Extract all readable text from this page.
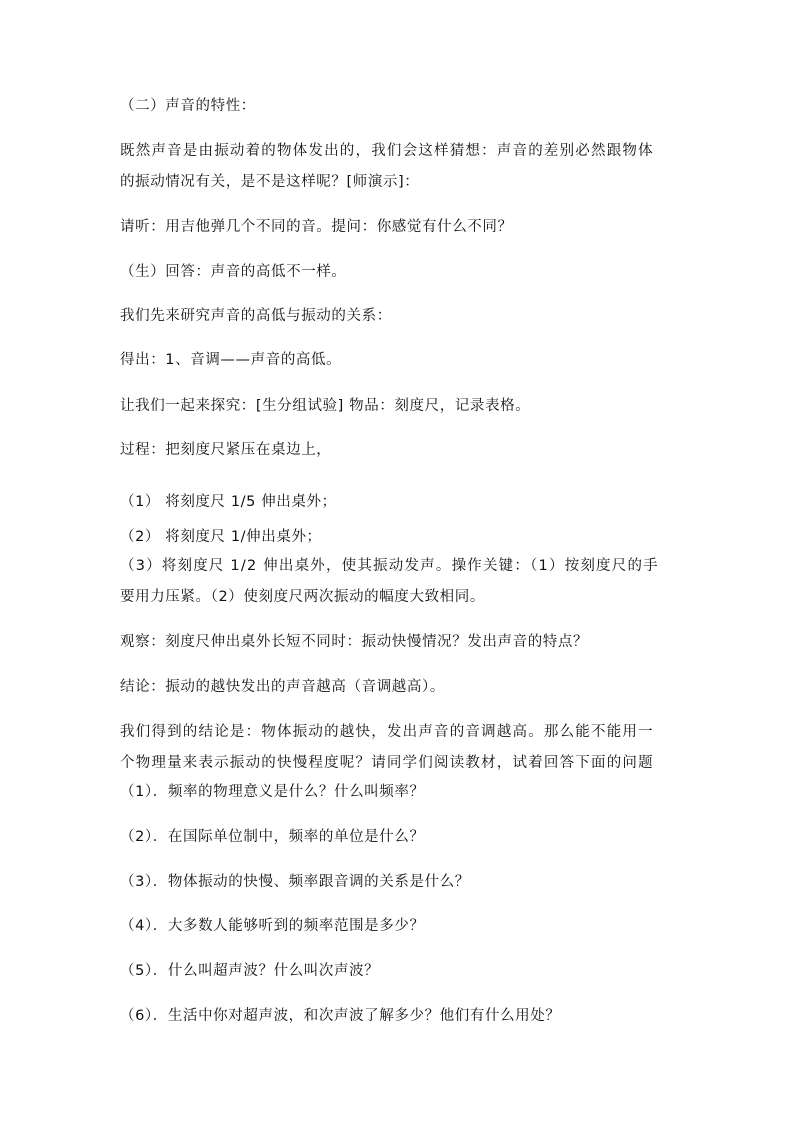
（二）声音的特性：
既然声音是由振动着的物体发出的，我们会这样猜想：声音的差别必然跟物体
的振动情况有关，是不是这样呢？[师演示]：
请听：用吉他弹几个不同的音。提问：你感觉有什么不同？
（生）回答：声音的高低不一样。
我们先来研究声音的高低与振动的关系：
得出：1、音调——声音的高低。
让我们一起来探究：[生分组试验] 物品：刻度尺，记录表格。
过程：把刻度尺紧压在桌边上，
（1） 将刻度尺 1/5 伸出桌外；
（2） 将刻度尺 1/伸出桌外；
（3）将刻度尺 1/2 伸出桌外，使其振动发声。操作关键：（1）按刻度尺的手
要用力压紧。（2）使刻度尺两次振动的幅度大致相同。
观察：刻度尺伸出桌外长短不同时：振动快慢情况？发出声音的特点？
结论：振动的越快发出的声音越高（音调越高）。
我们得到的结论是：物体振动的越快，发出声音的音调越高。那么能不能用一
个物理量来表示振动的快慢程度呢？请同学们阅读教材，试着回答下面的问题
（1）．频率的物理意义是什么？什么叫频率？
（2）．在国际单位制中，频率的单位是什么？
（3）．物体振动的快慢、频率跟音调的关系是什么？
（4）．大多数人能够听到的频率范围是多少？
（5）．什么叫超声波？什么叫次声波？
（6）．生活中你对超声波，和次声波了解多少？他们有什么用处？
